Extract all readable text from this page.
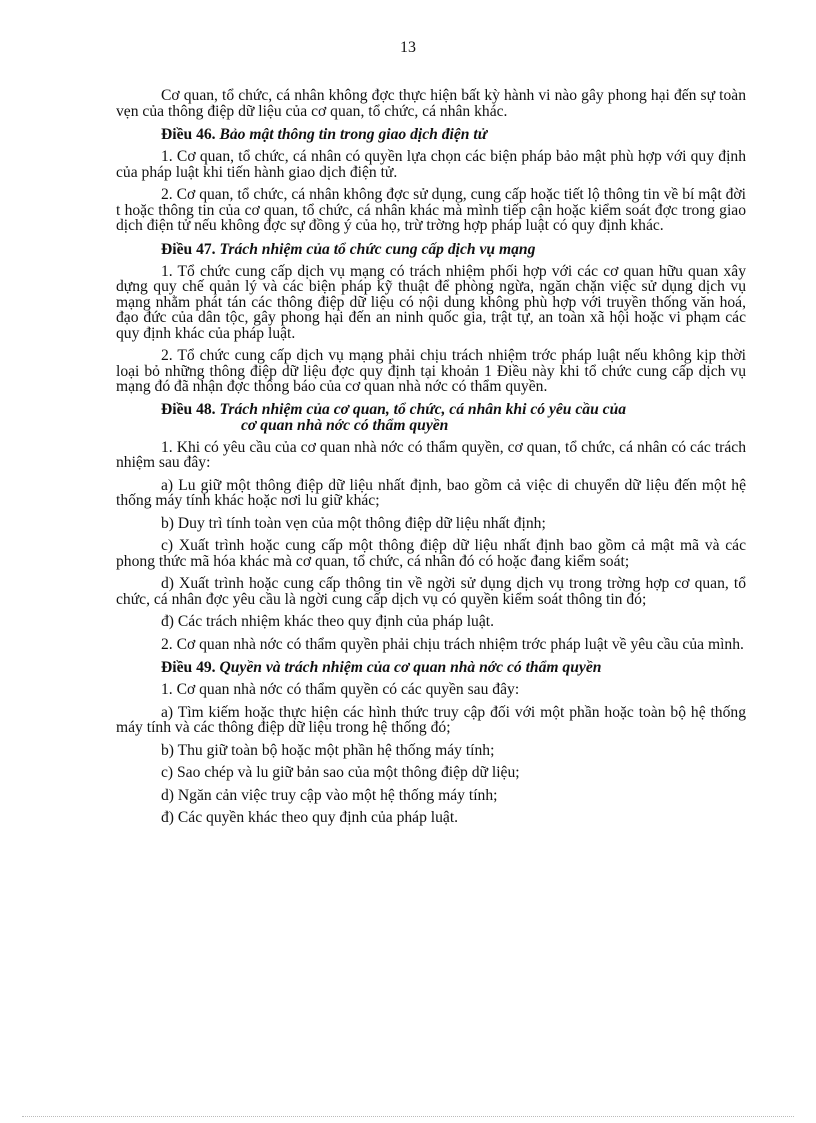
13

Cơ quan, tổ chức, cá nhân không đợc thực hiện bất kỳ hành vi nào gây phong hại đến sự toàn vẹn của thông điệp dữ liệu của cơ quan, tổ chức, cá nhân khác.

Điều 46. Bảo mật thông tin trong giao dịch điện tử

1. Cơ quan, tổ chức, cá nhân có quyền lựa chọn các biện pháp bảo mật phù hợp với quy định của pháp luật khi tiến hành giao dịch điện tử.

2. Cơ quan, tổ chức, cá nhân không đợc sử dụng, cung cấp hoặc tiết lộ thông tin về bí mật đời t hoặc thông tin của cơ quan, tổ chức, cá nhân khác mà mình tiếp cận hoặc kiểm soát đợc trong giao dịch điện tử nếu không đợc sự đồng ý của họ, trừ trờng hợp pháp luật có quy định khác.

Điều 47. Trách nhiệm của tổ chức cung cấp dịch vụ mạng

1. Tổ chức cung cấp dịch vụ mạng có trách nhiệm phối hợp với các cơ quan hữu quan xây dựng quy chế quản lý và các biện pháp kỹ thuật để phòng ngừa, ngăn chặn việc sử dụng dịch vụ mạng nhằm phát tán các thông điệp dữ liệu có nội dung không phù hợp với truyền thống văn hoá, đạo đức của dân tộc, gây phong hại đến an ninh quốc gia, trật tự, an toàn xã hội hoặc vi phạm các quy định khác của pháp luật.

2. Tổ chức cung cấp dịch vụ mạng phải chịu trách nhiệm trớc pháp luật nếu không kịp thời loại bỏ những thông điệp dữ liệu đợc quy định tại khoản 1 Điều này khi tổ chức cung cấp dịch vụ mạng đó đã nhận đợc thông báo của cơ quan nhà nớc có thẩm quyền.

Điều 48. Trách nhiệm của cơ quan, tổ chức, cá nhân khi có yêu cầu của
cơ quan nhà nớc có thẩm quyền

1. Khi có yêu cầu của cơ quan nhà nớc có thẩm quyền, cơ quan, tổ chức, cá nhân có các trách nhiệm sau đây:

a) Lu giữ một thông điệp dữ liệu nhất định, bao gồm cả việc di chuyển dữ liệu đến một hệ thống máy tính khác hoặc nơi lu giữ khác;

b) Duy trì tính toàn vẹn của một thông điệp dữ liệu nhất định;

c) Xuất trình hoặc cung cấp một thông điệp dữ liệu nhất định bao gồm cả mật mã và các phong thức mã hóa khác mà cơ quan, tổ chức, cá nhân đó có hoặc đang kiểm soát;

d) Xuất trình hoặc cung cấp thông tin về ngời sử dụng dịch vụ trong trờng hợp cơ quan, tổ chức, cá nhân đợc yêu cầu là ngời cung cấp dịch vụ có quyền kiểm soát thông tin đó;

đ) Các trách nhiệm khác theo quy định của pháp luật.

2. Cơ quan nhà nớc có thẩm quyền phải chịu trách nhiệm trớc pháp luật về yêu cầu của mình.

Điều 49. Quyền và trách nhiệm của cơ quan nhà nớc có thẩm quyền

1. Cơ quan nhà nớc có thẩm quyền có các quyền sau đây:

a) Tìm kiếm hoặc thực hiện các hình thức truy cập đối với một phần hoặc toàn bộ hệ thống máy tính và các thông điệp dữ liệu trong hệ thống đó;

b) Thu giữ toàn bộ hoặc một phần hệ thống máy tính;

c) Sao chép và lu giữ bản sao của một thông điệp dữ liệu;

d) Ngăn cản việc truy cập vào một hệ thống máy tính;

đ) Các quyền khác theo quy định của pháp luật.
